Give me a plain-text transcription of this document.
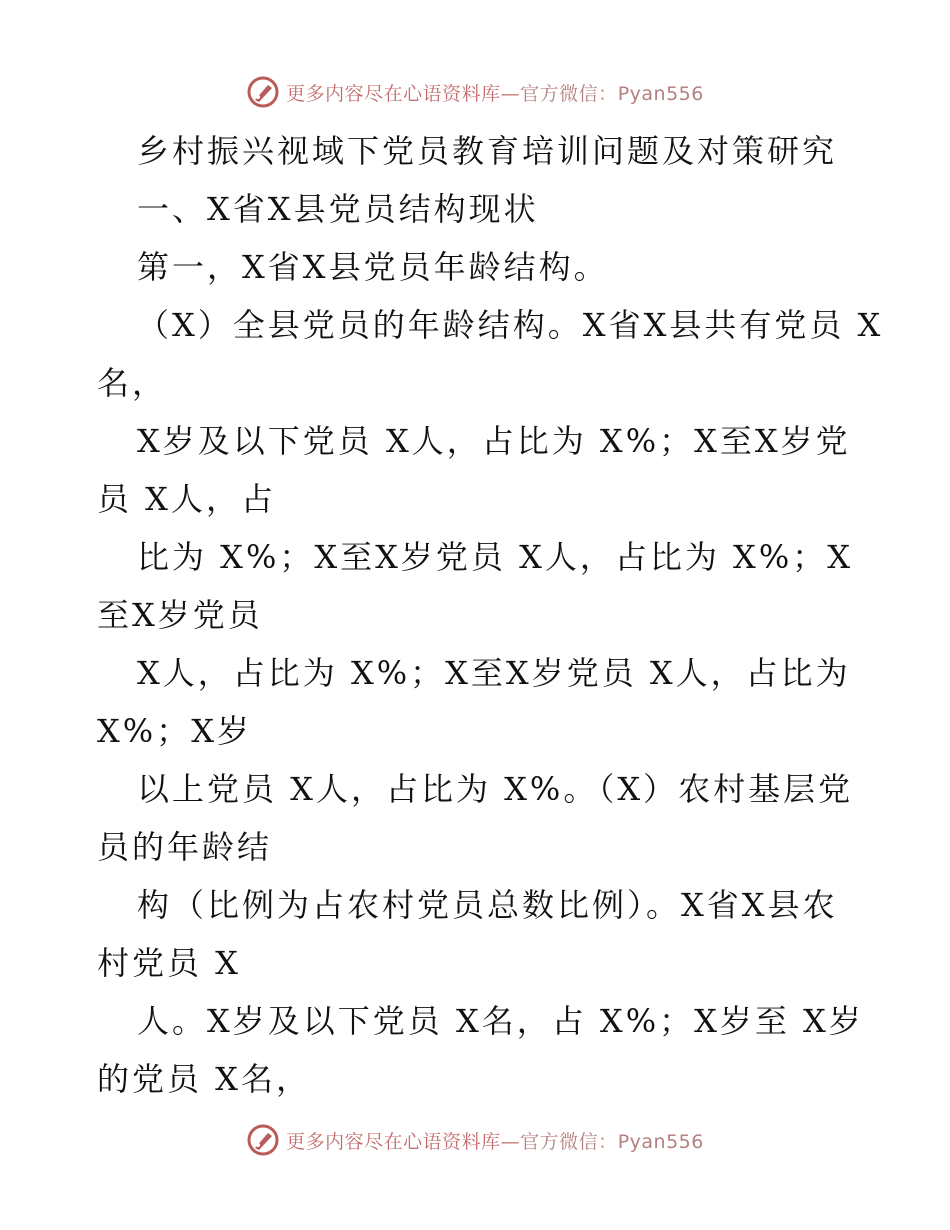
更多内容尽在心语资料库—官方微信：Pyan556
乡村振兴视域下党员教育培训问题及对策研究
一、X省X县党员结构现状
第一，X省X县党员年龄结构。
（X）全县党员的年龄结构。X省X县共有党员 X
名，
X岁及以下党员 X人，占比为 X%；X至X岁党
员 X人，占
比为 X%；X至X岁党员 X人，占比为 X%；X
至X岁党员
X人，占比为 X%；X至X岁党员 X人，占比为
X%；X岁
以上党员 X人，占比为 X%。（X）农村基层党
员的年龄结
构（比例为占农村党员总数比例）。X省X县农
村党员 X
人。X岁及以下党员 X名，占 X%；X岁至 X岁
的党员 X名，
更多内容尽在心语资料库—官方微信：Pyan556
